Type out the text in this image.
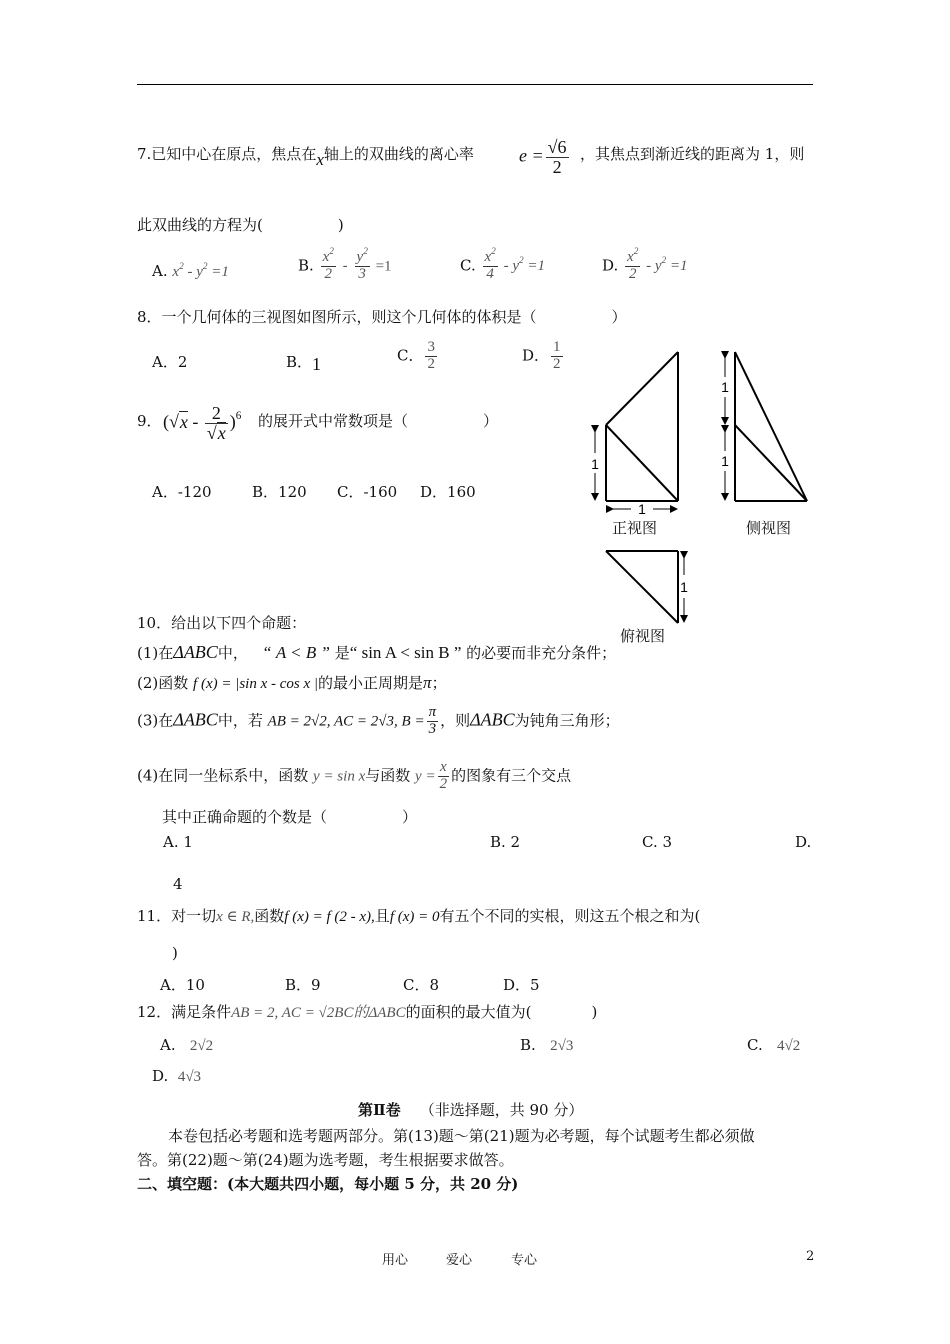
7.已知中心在原点，焦点在x轴上的双曲线的离心率	$e = \frac{√6}{2}$ ，其焦点到渐近线的距离为 1，则
此双曲线的方程为(　　　　　)
A. $x^2 - y^2 =1$	B. $\frac{x^2}{2} - \frac{y^2}{3} =1$	C. $\frac{x^2}{4} - y^2 =1$	D. $\frac{x^2}{2} - y^2 =1$
8．一个几何体的三视图如图所示，则这个几何体的体积是（　　　　　）
A．2	B．1	C． $\frac{3}{2}$	D． $\frac{1}{2}$
9． $(√x - \frac{2}{√x} )^6$ 的展开式中常数项是（　　　　　）
A．-120	B．120 C．-160 D．160
1
1
1
1
1
正视图	侧视图
俯视图
10．给出以下四个命题：
(1)在ΔABC中， “ A < B ” 是“ sin A < sin B ” 的必要而非充分条件；
(2)函数 f (x) = |sin x - cos x |的最小正周期是π；
(3)在ΔABC中，若 AB = 2√2, AC = 2√3, $B = \frac{\pi}{3}$ ，则ΔABC为钝角三角形；
(4)在同一坐标系中，函数 y = sin x与函数 $y = \frac{x}{2}$ 的图象有三个交点
其中正确命题的个数是（　　　　　）
A. 1	B. 2	C. 3	D.
4
11．对一切x ∈ R,函数f (x) = f (2 - x),且f (x) = 0有五个不同的实根，则这五个根之和为(
)
A．10	B．9	C．8	D．5
12．满足条件AB = 2, AC = √2BC的ΔABC的面积的最大值为(　　　　)
A. 2√2	B. 2√3	C. 4√2
D. 4√3
第Ⅱ卷 （非选择题，共 90 分）
本卷包括必考题和选考题两部分。第(13)题～第(21)题为必考题，每个试题考生都必须做
答。第(22)题～第(24)题为选考题，考生根据要求做答。
二、填空题：(本大题共四小题，每小题 5 分，共 20 分)
用心	爱心	专心	2
